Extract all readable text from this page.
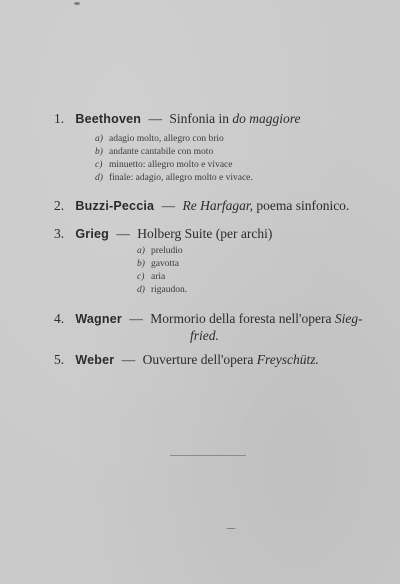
1. Beethoven — Sinfonia in do maggiore
a) adagio molto, allegro con brio
b) andante cantabile con moto
c) minuetto: allegro molto e vivace
d) finale: adagio, allegro molto e vivace.
2. Buzzi-Peccia — Re Harfagar, poema sinfonico.
3. Grieg — Holberg Suite (per archi)
a) preludio
b) gavotta
c) aria
d) rigaudon.
4. Wagner — Mormorio della foresta nell'opera Sieg-
fried.
5. Weber — Ouverture dell'opera Freyschütz.
